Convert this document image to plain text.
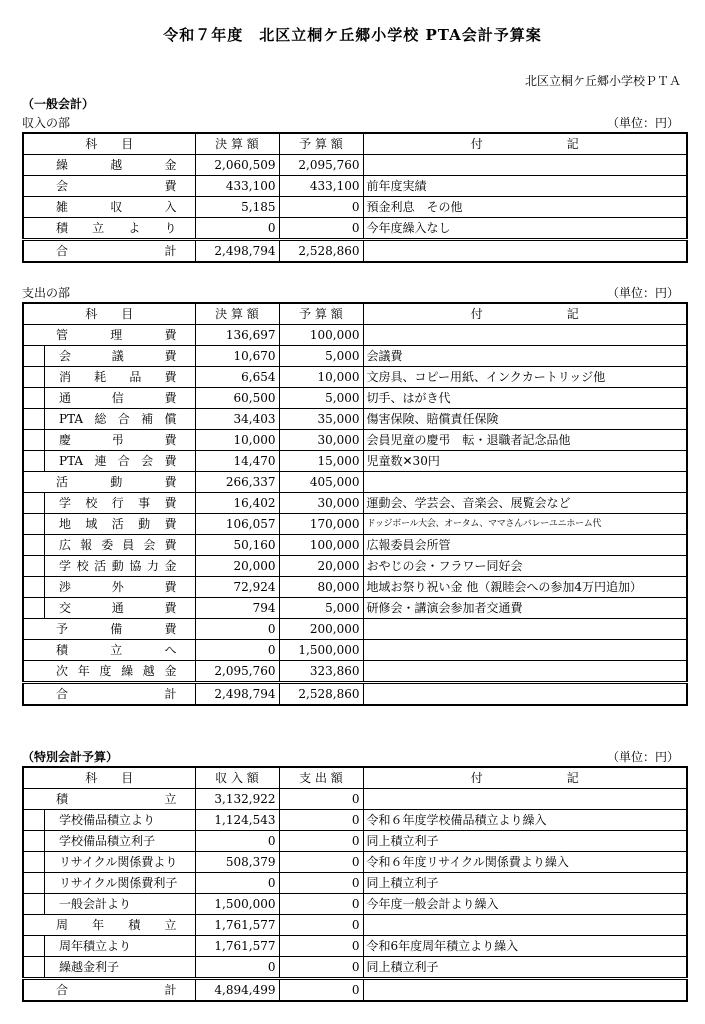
令和７年度　北区立桐ケ丘郷小学校 PTA会計予算案
北区立桐ケ丘郷小学校ＰＴＡ
（一般会計）
収入の部	（単位：円）
科　　目	決 算 額	予 算 額	付　　　　　　　記

繰越金	2,060,509	2,095,760	

会費	433,100	433,100	前年度実績

雑収入	5,185	0	預金利息　その他

積立より	0	0	今年度繰入なし

合　　　　　　計	2,498,794	2,528,860	
支出の部	（単位：円）
科　　目	決 算 額	予 算 額	付　　　　　　　記

管理費	136,697	100,000	

会議費	10,670	5,000	会議費

消耗品費	6,654	10,000	文房具、コピー用紙、インクカートリッジ他

通信費	60,500	5,000	切手、はがき代

PTA総合補償	34,403	35,000	傷害保険、賠償責任保険

慶弔費	10,000	30,000	会員児童の慶弔　転・退職者記念品他

PTA連合会費	14,470	15,000	児童数✕30円

活動費	266,337	405,000	

学校行事費	16,402	30,000	運動会、学芸会、音楽会、展覧会など

地域活動費	106,057	170,000	ドッジボール大会、オータム、ママさんバレーユニホーム代

広報委員会費	50,160	100,000	広報委員会所管

学校活動協力金	20,000	20,000	おやじの会・フラワー同好会

渉外費	72,924	80,000	地域お祭り祝い金 他（親睦会への参加4万円追加）

交通費	794	5,000	研修会・講演会参加者交通費

予備費	0	200,000	

積立へ	0	1,500,000	

次年度繰越金	2,095,760	323,860	

合　　　　　　計	2,498,794	2,528,860	
（特別会計予算）	（単位：円）
科　　目	収 入 額	支 出 額	付　　　　　　　記

積　　　　　立	3,132,922	0	

学校備品積立より	1,124,543	0	令和６年度学校備品積立より繰入

学校備品積立利子	0	0	同上積立利子

リサイクル関係費より	508,379	0	令和６年度リサイクル関係費より繰入

リサイクル関係費利子	0	0	同上積立利子

一般会計より	1,500,000	0	今年度一般会計より繰入

周　　年　　積　　立	1,761,577	0	

周年積立より	1,761,577	0	令和6年度周年積立より繰入

繰越金利子	0	0	同上積立利子

合　　　　　　計	4,894,499	0	
